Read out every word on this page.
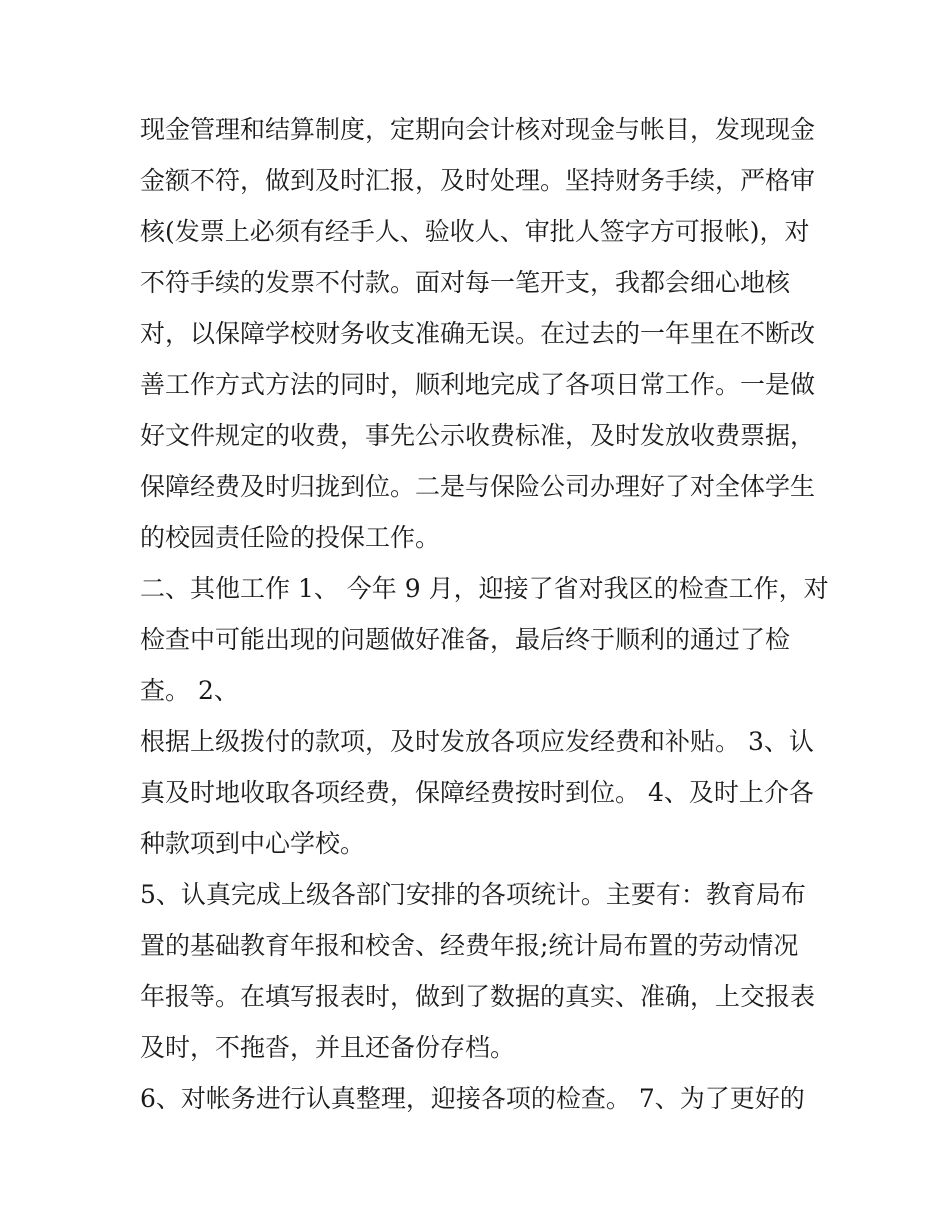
现金管理和结算制度，定期向会计核对现金与帐目，发现现金
金额不符，做到及时汇报，及时处理。坚持财务手续，严格审
核(发票上必须有经手人、验收人、审批人签字方可报帐)，对
不符手续的发票不付款。面对每一笔开支，我都会细心地核
对，以保障学校财务收支准确无误。在过去的一年里在不断改
善工作方式方法的同时，顺利地完成了各项日常工作。一是做
好文件规定的收费，事先公示收费标准，及时发放收费票据，
保障经费及时归拢到位。二是与保险公司办理好了对全体学生
的校园责任险的投保工作。
二、其他工作 1、 今年 9 月，迎接了省对我区的检查工作，对
检查中可能出现的问题做好准备，最后终于顺利的通过了检
查。 2、
根据上级拨付的款项，及时发放各项应发经费和补贴。 3、认
真及时地收取各项经费，保障经费按时到位。 4、及时上介各
种款项到中心学校。
5、认真完成上级各部门安排的各项统计。主要有：教育局布
置的基础教育年报和校舍、经费年报;统计局布置的劳动情况
年报等。在填写报表时，做到了数据的真实、准确，上交报表
及时，不拖沓，并且还备份存档。
6、对帐务进行认真整理，迎接各项的检查。 7、为了更好的
